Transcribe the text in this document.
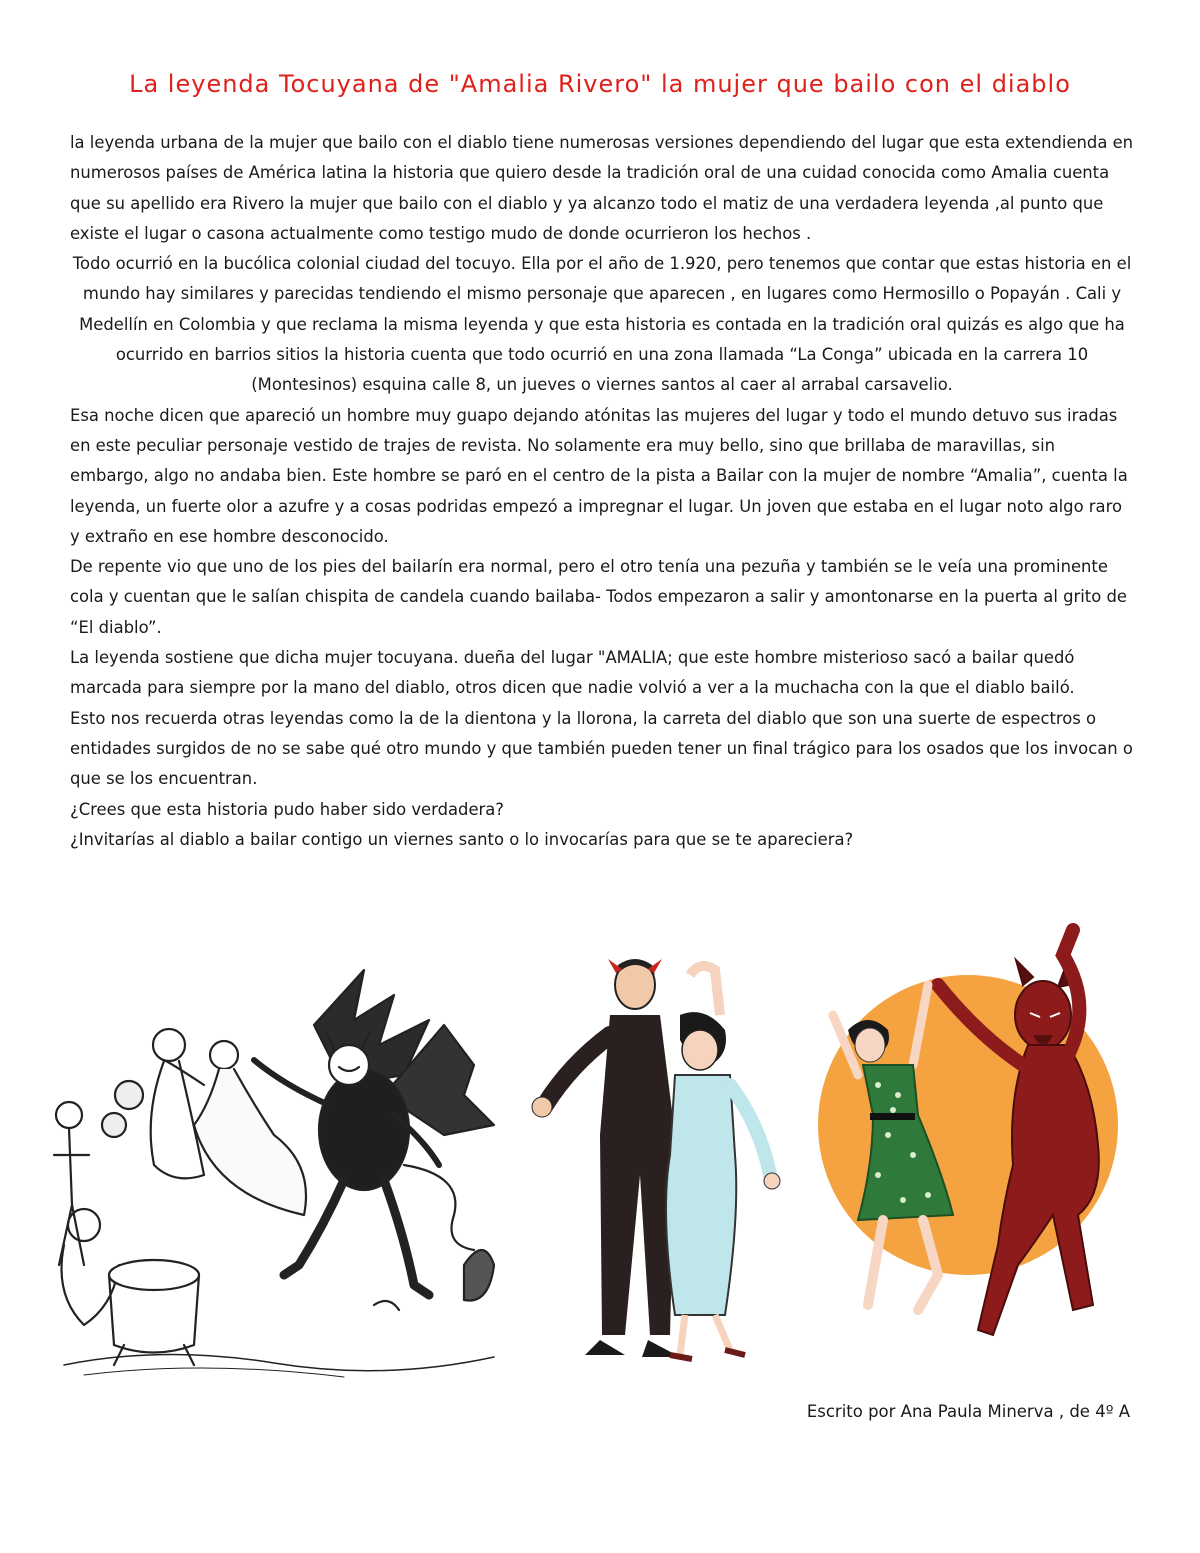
La leyenda Tocuyana de "Amalia Rivero" la mujer que bailo con el diablo

la leyenda urbana de la mujer que bailo con el diablo tiene numerosas versiones dependiendo del lugar que esta extendienda en numerosos países de América latina la historia que quiero desde la tradición oral de una cuidad conocida como Amalia cuenta que su apellido era Rivero la mujer que bailo con el diablo y ya alcanzo todo el matiz de una verdadera leyenda ,al punto que existe el lugar o casona actualmente como testigo mudo de donde ocurrieron los hechos .

Todo ocurrió en la bucólica colonial ciudad del tocuyo. Ella por el año de 1.920, pero tenemos que contar que estas historia en el mundo hay similares y parecidas tendiendo el mismo personaje que aparecen , en lugares como Hermosillo o Popayán . Cali y Medellín en Colombia y que reclama la misma leyenda y que esta historia es contada en la tradición oral quizás es algo que ha ocurrido en barrios sitios la historia cuenta que todo ocurrió en una zona llamada “La Conga” ubicada en la carrera 10 (Montesinos) esquina calle 8, un jueves o viernes santos al caer al arrabal carsavelio.

Esa noche dicen que apareció un hombre muy guapo dejando atónitas las mujeres del lugar y todo el mundo detuvo sus iradas en este peculiar personaje vestido de trajes de revista. No solamente era muy bello, sino que brillaba de maravillas, sin embargo, algo no andaba bien. Este hombre se paró en el centro de la pista a Bailar con la mujer de nombre “Amalia”, cuenta la leyenda, un fuerte olor a azufre y a cosas podridas empezó a impregnar el lugar. Un joven que estaba en el lugar noto algo raro y extraño en ese hombre desconocido.

De repente vio que uno de los pies del bailarín era normal, pero el otro tenía una pezuña y también se le veía una prominente cola y cuentan que le salían chispita de candela cuando bailaba- Todos empezaron a salir y amontonarse en la puerta al grito de “El diablo”.

La leyenda sostiene que dicha mujer tocuyana. dueña del lugar "AMALIA; que este hombre misterioso sacó a bailar quedó marcada para siempre por la mano del diablo, otros dicen que nadie volvió a ver a la muchacha con la que el diablo bailó.

Esto nos recuerda otras leyendas como la de la dientona y la llorona, la carreta del diablo que son una suerte de espectros o entidades surgidos de no se sabe qué otro mundo y que también pueden tener un final trágico para los osados que los invocan o que se los encuentran.

¿Crees que esta historia pudo haber sido verdadera?

¿Invitarías al diablo a bailar contigo un viernes santo o lo invocarías para que se te apareciera?

Escrito por Ana Paula Minerva , de 4º A
